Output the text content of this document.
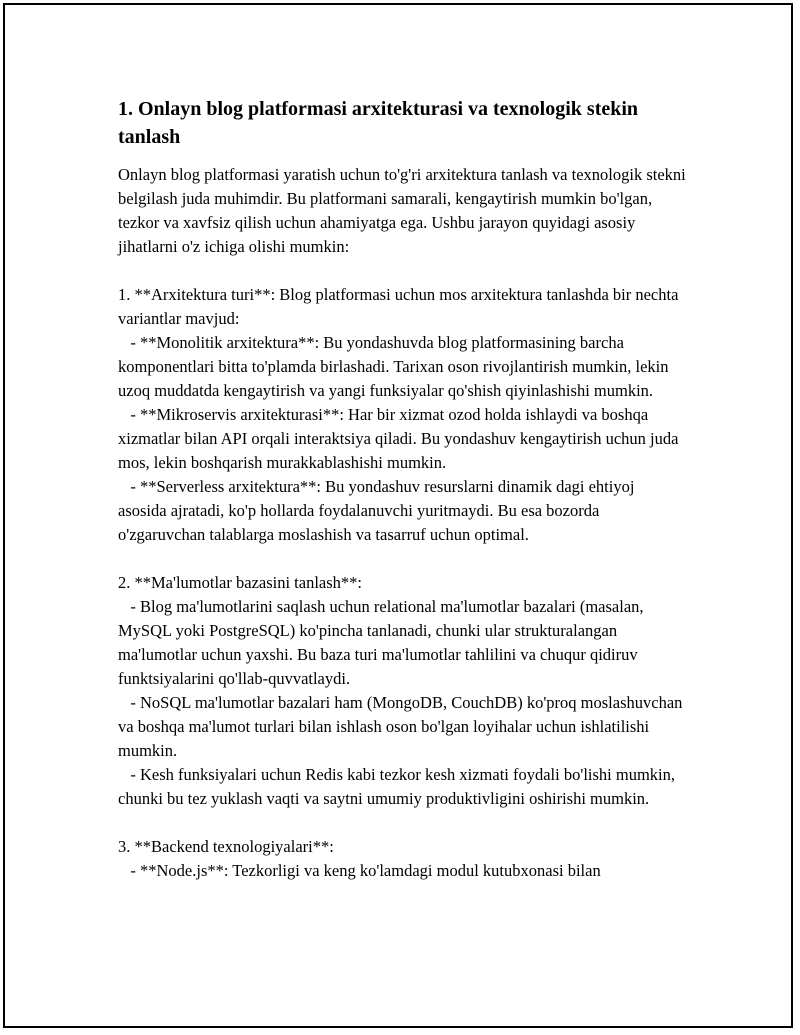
1. Onlayn blog platformasi arxitekturasi va texnologik stekin tanlash

Onlayn blog platformasi yaratish uchun to'g'ri arxitektura tanlash va texnologik stekni belgilash juda muhimdir. Bu platformani samarali, kengaytirish mumkin bo'lgan, tezkor va xavfsiz qilish uchun ahamiyatga ega. Ushbu jarayon quyidagi asosiy jihatlarni o'z ichiga olishi mumkin:

1. **Arxitektura turi**: Blog platformasi uchun mos arxitektura tanlashda bir nechta variantlar mavjud:

- **Monolitik arxitektura**: Bu yondashuvda blog platformasining barcha komponentlari bitta to'plamda birlashadi. Tarixan oson rivojlantirish mumkin, lekin uzoq muddatda kengaytirish va yangi funksiyalar qo'shish qiyinlashishi mumkin.

- **Mikroservis arxitekturasi**: Har bir xizmat ozod holda ishlaydi va boshqa xizmatlar bilan API orqali interaktsiya qiladi. Bu yondashuv kengaytirish uchun juda mos, lekin boshqarish murakkablashishi mumkin.

- **Serverless arxitektura**: Bu yondashuv resurslarni dinamik dagi ehtiyoj asosida ajratadi, ko'p hollarda foydalanuvchi yuritmaydi. Bu esa bozorda o'zgaruvchan talablarga moslashish va tasarruf uchun optimal.

2. **Ma'lumotlar bazasini tanlash**:

- Blog ma'lumotlarini saqlash uchun relational ma'lumotlar bazalari (masalan, MySQL yoki PostgreSQL) ko'pincha tanlanadi, chunki ular strukturalangan ma'lumotlar uchun yaxshi. Bu baza turi ma'lumotlar tahlilini va chuqur qidiruv funktsiyalarini qo'llab-quvvatlaydi.

- NoSQL ma'lumotlar bazalari ham (MongoDB, CouchDB) ko'proq moslashuvchan va boshqa ma'lumot turlari bilan ishlash oson bo'lgan loyihalar uchun ishlatilishi mumkin.

- Kesh funksiyalari uchun Redis kabi tezkor kesh xizmati foydali bo'lishi mumkin, chunki bu tez yuklash vaqti va saytni umumiy produktivligini oshirishi mumkin.

3. **Backend texnologiyalari**:

- **Node.js**: Tezkorligi va keng ko'lamdagi modul kutubxonasi bilan
